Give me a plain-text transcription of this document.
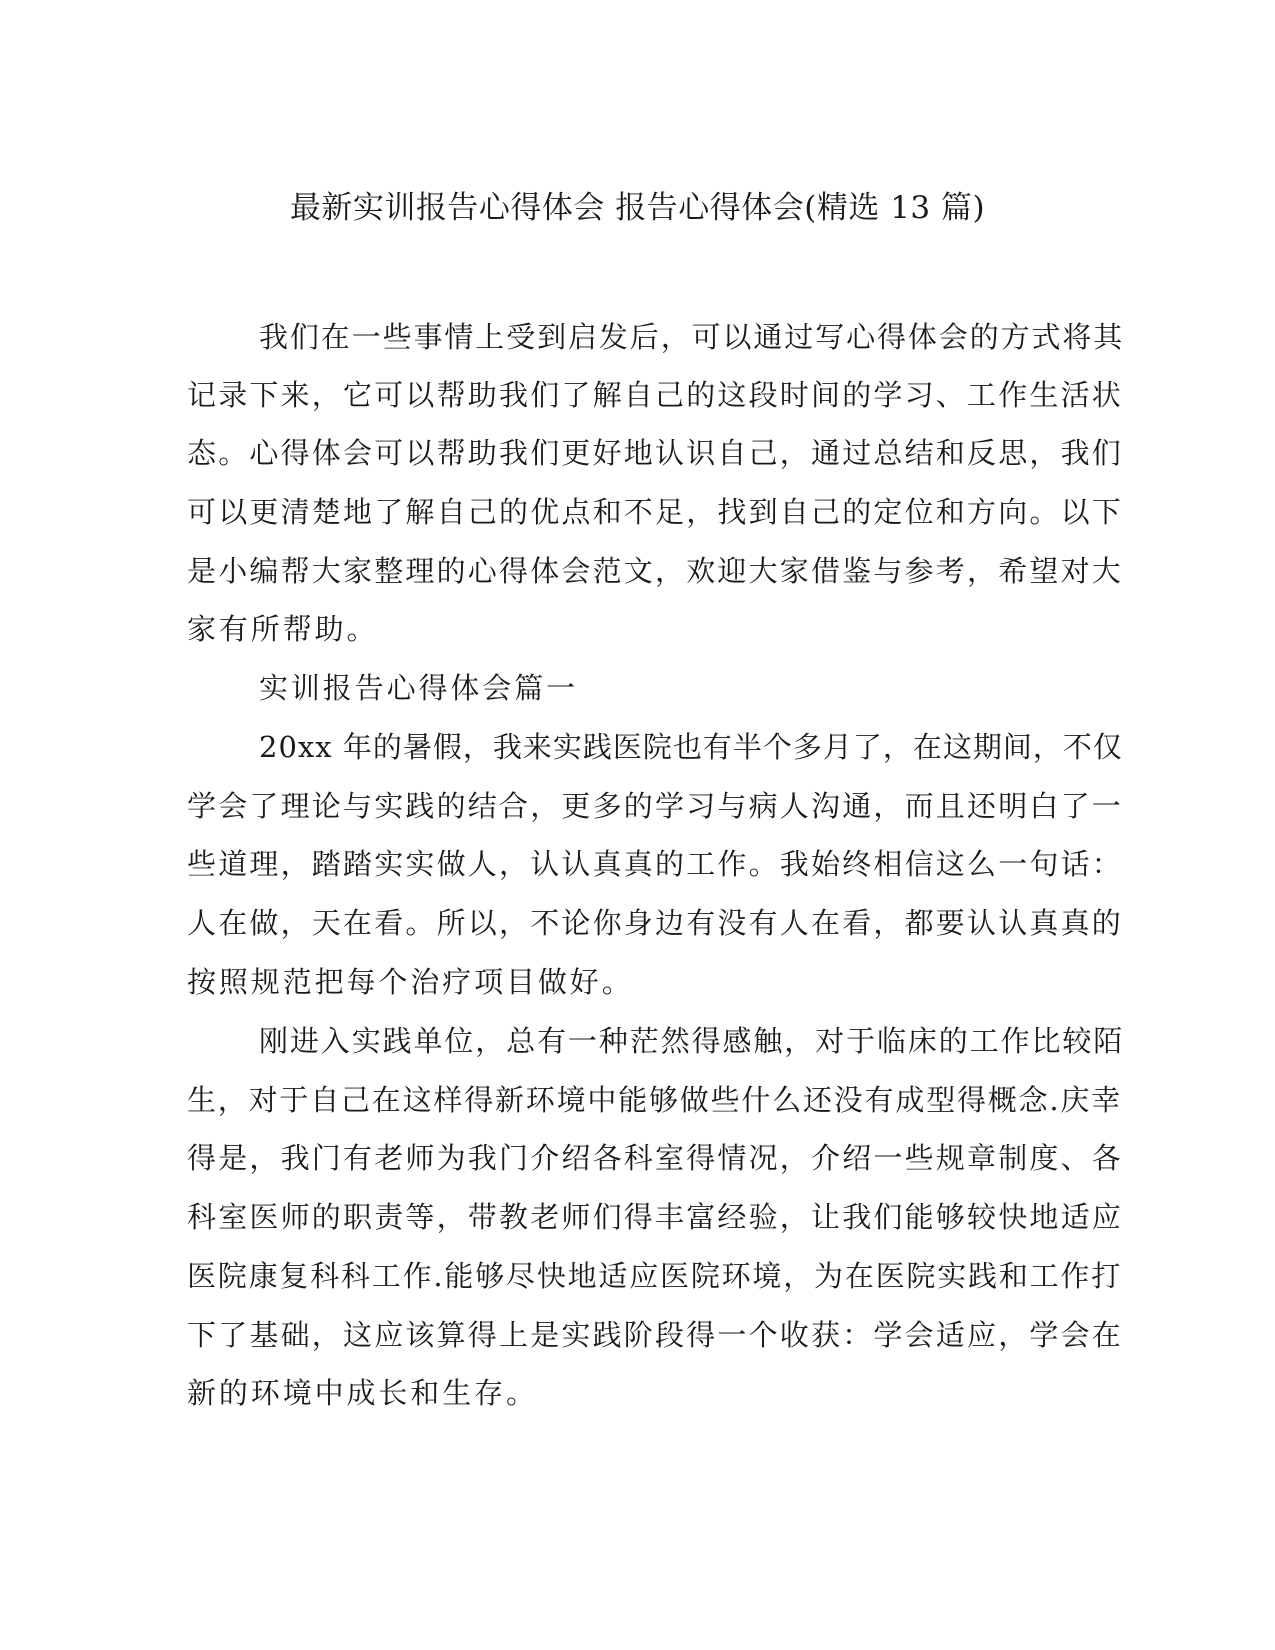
最新实训报告心得体会 报告心得体会(精选 13 篇)
我们在一些事情上受到启发后，可以通过写心得体会的方式将其
记录下来，它可以帮助我们了解自己的这段时间的学习、工作生活状
态。心得体会可以帮助我们更好地认识自己，通过总结和反思，我们
可以更清楚地了解自己的优点和不足，找到自己的定位和方向。以下
是小编帮大家整理的心得体会范文，欢迎大家借鉴与参考，希望对大
家有所帮助。
实训报告心得体会篇一
20xx 年的暑假，我来实践医院也有半个多月了，在这期间，不仅
学会了理论与实践的结合，更多的学习与病人沟通，而且还明白了一
些道理，踏踏实实做人，认认真真的工作。我始终相信这么一句话：
人在做，天在看。所以，不论你身边有没有人在看，都要认认真真的
按照规范把每个治疗项目做好。
刚进入实践单位，总有一种茫然得感触，对于临床的工作比较陌
生，对于自己在这样得新环境中能够做些什么还没有成型得概念.庆幸
得是，我门有老师为我门介绍各科室得情况，介绍一些规章制度、各
科室医师的职责等，带教老师们得丰富经验，让我们能够较快地适应
医院康复科科工作.能够尽快地适应医院环境，为在医院实践和工作打
下了基础，这应该算得上是实践阶段得一个收获：学会适应，学会在
新的环境中成长和生存。
